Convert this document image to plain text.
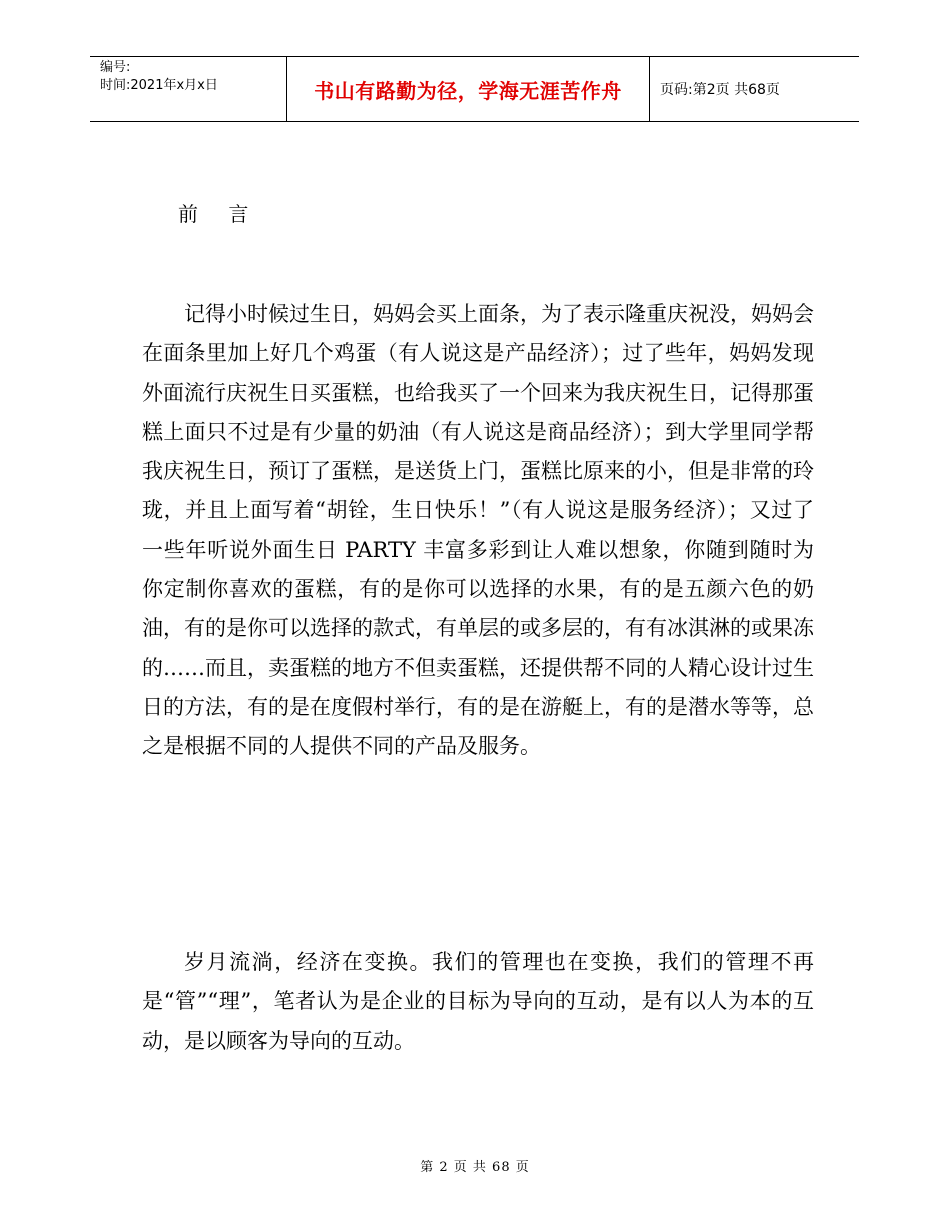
编号:
时间:2021年x月x日	书山有路勤为径，学海无涯苦作舟	页码:第2页 共68页
前 言

记得小时候过生日，妈妈会买上面条，为了表示隆重庆祝没，妈妈会在面条里加上好几个鸡蛋（有人说这是产品经济）；过了些年，妈妈发现外面流行庆祝生日买蛋糕，也给我买了一个回来为我庆祝生日，记得那蛋糕上面只不过是有少量的奶油（有人说这是商品经济）；到大学里同学帮我庆祝生日，预订了蛋糕，是送货上门，蛋糕比原来的小，但是非常的玲珑，并且上面写着“胡铨，生日快乐！”（有人说这是服务经济）；又过了一些年听说外面生日 PARTY 丰富多彩到让人难以想象，你随到随时为你定制你喜欢的蛋糕，有的是你可以选择的水果，有的是五颜六色的奶油，有的是你可以选择的款式，有单层的或多层的，有有冰淇淋的或果冻的……而且，卖蛋糕的地方不但卖蛋糕，还提供帮不同的人精心设计过生日的方法，有的是在度假村举行，有的是在游艇上，有的是潜水等等，总之是根据不同的人提供不同的产品及服务。

岁月流淌，经济在变换。我们的管理也在变换，我们的管理不再是“管”“理”，笔者认为是企业的目标为导向的互动，是有以人为本的互动，是以顾客为导向的互动。

第 2 页 共 68 页
